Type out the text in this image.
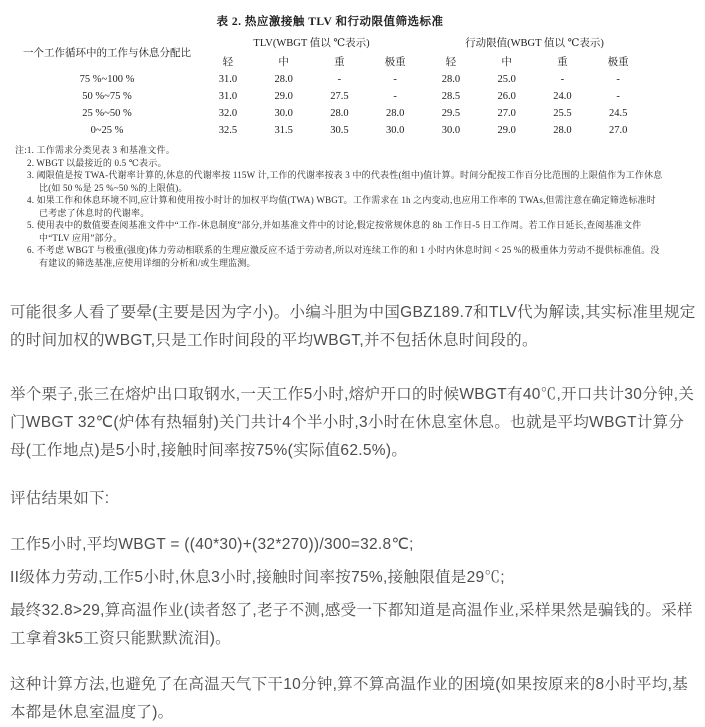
表 2. 热应激接触 TLV 和行动限值筛选标准
一个工作循环中的工作与休息分配比	TLV(WBGT 值以 ℃表示)				行动限值(WBGT 值以 ℃表示)			
	轻	中	重	极重	轻	中	重	极重
75 %~100 %	31.0	28.0	-	-	28.0	25.0	-	-
50 %~75 %	31.0	29.0	27.5	-	28.5	26.0	24.0	-
25 %~50 %	32.0	30.0	28.0	28.0	29.5	27.0	25.5	24.5
0~25 %	32.5	31.5	30.5	30.0	30.0	29.0	28.0	27.0
注:1. 工作需求分类见表 3 和基准文件。
2. WBGT 以最接近的 0.5 ℃表示。
3. 阈限值是按 TWA-代谢率计算的,休息的代谢率按 115W 计,工作的代谢率按表 3 中的代表性(组中)值计算。时间分配按工作百分比范围的上限值作为工作休息比(如 50 %是 25 %~50 %的上限值)。
4. 如果工作和休息环境不同,应计算和使用按小时计的加权平均值(TWA) WBGT。工作需求在 1h 之内变动,也应用工作率的 TWAs,但需注意在确定筛选标准时已考虑了休息时的代谢率。
5. 使用表中的数值要查阅基准文件中“工作-休息制度”部分,并如基准文件中的讨论,假定按常规休息的 8h 工作日-5 日工作周。若工作日延长,查阅基准文件中“TLV 应用”部分。
6. 不考虑 WBGT 与极重(强度)体力劳动相联系的生理应激反应不适于劳动者,所以对连续工作的和 1 小时内休息时间 < 25 %的极重体力劳动不提供标准值。没有建议的筛选基准,应使用详细的分析和/或生理监测。

可能很多人看了要晕(主要是因为字小)。小编斗胆为中国GBZ189.7和TLV代为解读,其实标准里规定的时间加权的WBGT,只是工作时间段的平均WBGT,并不包括休息时间段的。

举个栗子,张三在熔炉出口取钢水,一天工作5小时,熔炉开口的时候WBGT有40℃,开口共计30分钟,关门WBGT 32℃(炉体有热辐射)关门共计4个半小时,3小时在休息室休息。也就是平均WBGT计算分母(工作地点)是5小时,接触时间率按75%(实际值62.5%)。

评估结果如下:

工作5小时,平均WBGT = ((40*30)+(32*270))/300=32.8℃;

II级体力劳动,工作5小时,休息3小时,接触时间率按75%,接触限值是29℃;

最终32.8>29,算高温作业(读者怒了,老子不测,感受一下都知道是高温作业,采样果然是骗钱的。采样工拿着3k5工资只能默默流泪)。

这种计算方法,也避免了在高温天气下干10分钟,算不算高温作业的困境(如果按原来的8小时平均,基本都是休息室温度了)。
